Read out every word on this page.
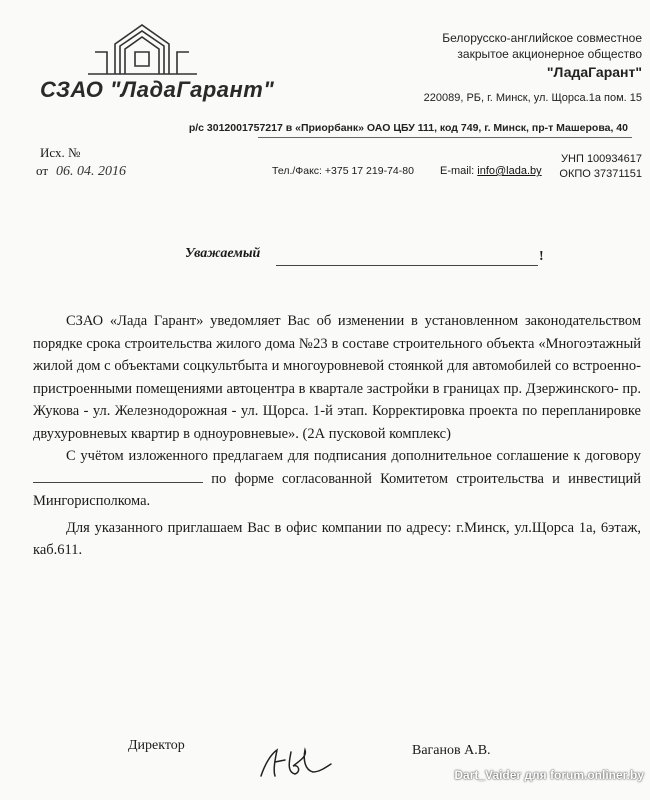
СЗАО "ЛадаГарант"
Белорусско-английское совместное
закрытое акционерное общество
"ЛадаГарант"
220089, РБ, г. Минск, ул. Щорса.1а пом. 15
р/с 3012001757217 в «Приорбанк» ОАО ЦБУ 111, код 749, г. Минск, пр-т Машерова, 40
Исх. №
от 06. 04. 2016	Тел./Факс: +375 17 219-74-80 E-mail: info@lada.by
УНП 100934617
ОКПО 37371151
Уважаемый	!

СЗАО «Лада Гарант» уведомляет Вас об изменении в установленном законодательством порядке срока строительства жилого дома №23 в составе строительного объекта «Многоэтажный жилой дом с объектами соцкультбыта и многоуровневой стоянкой для автомобилей со встроенно-пристроенными помещениями автоцентра в квартале застройки в границах пр. Дзержинского- пр. Жукова - ул. Железнодорожная - ул. Щорса. 1-й этап. Корректировка проекта по перепланировке двухуровневых квартир в одноуровневые». (2А пусковой комплекс)

С учётом изложенного предлагаем для подписания дополнительное соглашение к договору  по форме согласованной Комитетом строительства и инвестиций Мингорисполкома.

Для указанного приглашаем Вас в офис компании по адресу: г.Минск, ул.Щорса 1а, 6этаж, каб.611.

Директор	Ваганов А.В.
Dart_Vaider для forum.onliner.by
